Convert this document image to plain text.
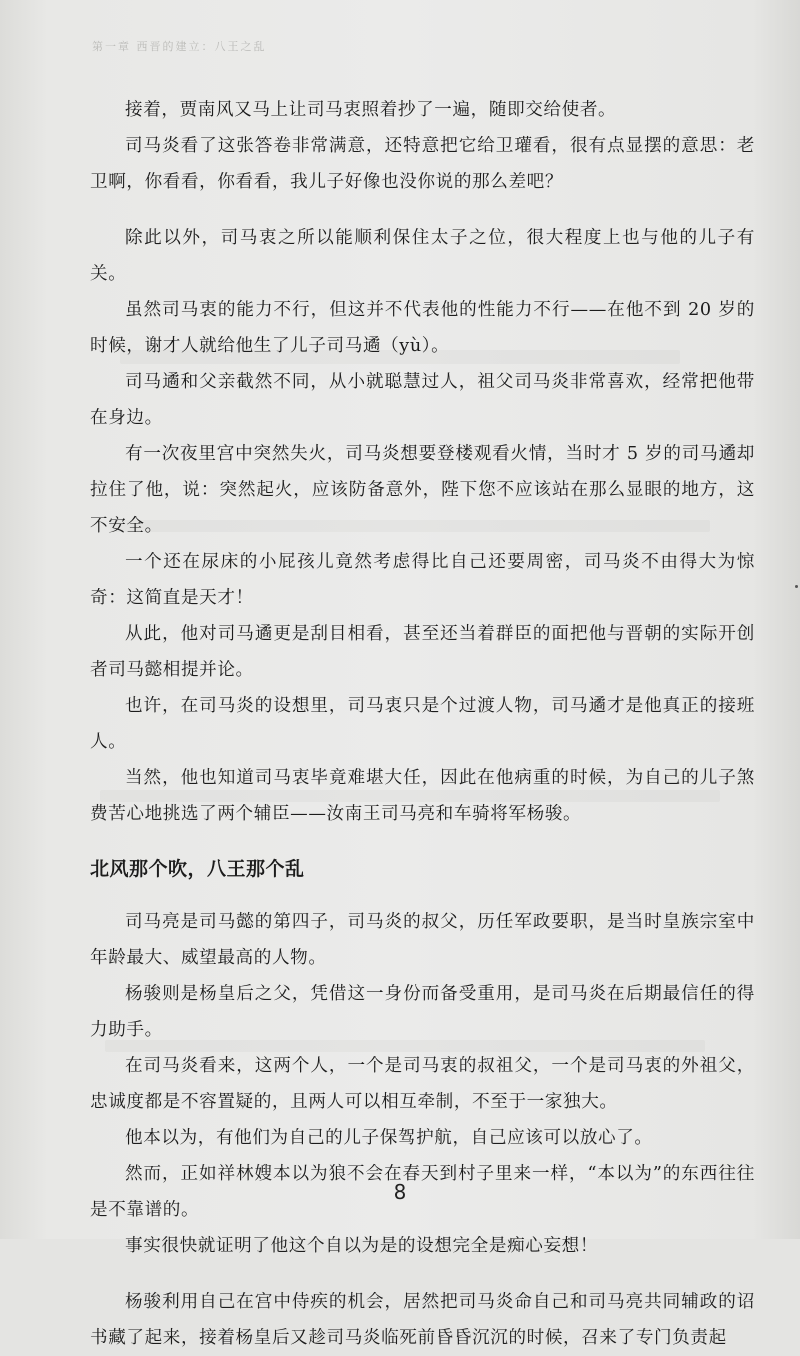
第一章 西晋的建立：八王之乱

接着，贾南风又马上让司马衷照着抄了一遍，随即交给使者。

司马炎看了这张答卷非常满意，还特意把它给卫瓘看，很有点显摆的意思：老卫啊，你看看，你看看，我儿子好像也没你说的那么差吧？

除此以外，司马衷之所以能顺利保住太子之位，很大程度上也与他的儿子有关。

虽然司马衷的能力不行，但这并不代表他的性能力不行——在他不到 20 岁的时候，谢才人就给他生了儿子司马遹（yù）。

司马遹和父亲截然不同，从小就聪慧过人，祖父司马炎非常喜欢，经常把他带在身边。

有一次夜里宫中突然失火，司马炎想要登楼观看火情，当时才 5 岁的司马遹却拉住了他，说：突然起火，应该防备意外，陛下您不应该站在那么显眼的地方，这不安全。

一个还在尿床的小屁孩儿竟然考虑得比自己还要周密，司马炎不由得大为惊奇：这简直是天才！

从此，他对司马遹更是刮目相看，甚至还当着群臣的面把他与晋朝的实际开创者司马懿相提并论。

也许，在司马炎的设想里，司马衷只是个过渡人物，司马遹才是他真正的接班人。

当然，他也知道司马衷毕竟难堪大任，因此在他病重的时候，为自己的儿子煞费苦心地挑选了两个辅臣——汝南王司马亮和车骑将军杨骏。

北风那个吹，八王那个乱

司马亮是司马懿的第四子，司马炎的叔父，历任军政要职，是当时皇族宗室中年龄最大、威望最高的人物。

杨骏则是杨皇后之父，凭借这一身份而备受重用，是司马炎在后期最信任的得力助手。

在司马炎看来，这两个人，一个是司马衷的叔祖父，一个是司马衷的外祖父，忠诚度都是不容置疑的，且两人可以相互牵制，不至于一家独大。

他本以为，有他们为自己的儿子保驾护航，自己应该可以放心了。

然而，正如祥林嫂本以为狼不会在春天到村子里来一样，“本以为”的东西往往是不靠谱的。

事实很快就证明了他这个自以为是的设想完全是痴心妄想！

杨骏利用自己在宫中侍疾的机会，居然把司马炎命自己和司马亮共同辅政的诏书藏了起来，接着杨皇后又趁司马炎临死前昏昏沉沉的时候，召来了专门负责起

8
